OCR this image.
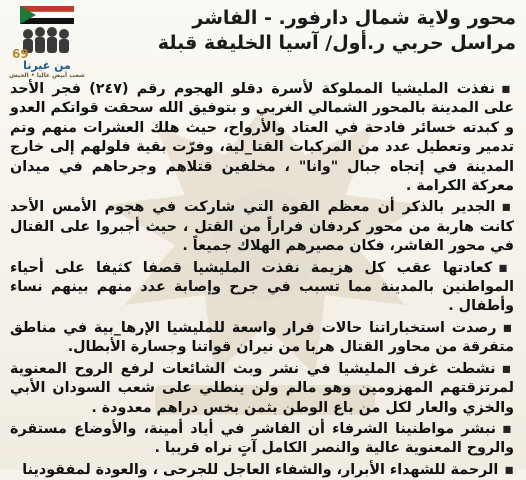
69
من غيرنا
شعب أبيض عاليا • الجيش
محور ولاية شمال دارفور. - الفاشر
مراسل حربي ر.أول/ آسيا الخليفة قبلة

▪نفذت المليشيا المملوكة لأسرة دقلو الهجوم رقم (٢٤٧) فجر الأحد على المدينة بالمحور الشمالي الغربي و بتوفيق الله سحقت قواتكم العدو و كبدته خسائر فادحة في العتاد والأرواح، حيث هلك العشرات منهم وتم تدمير وتعطيل عدد من المركبات القتا_لية، وفرّت بقية فلولهم إلى خارج المدينة في إتجاه جبال "وانا" ، مخلفين قتلاهم وجرحاهم في ميدان معركة الكرامة .

▪الجدير بالذكر أن معظم القوة التي شاركت في هجوم الأمس الأحد كانت هاربة من محور كردفان فراراً من القتل ، حيث أجبروا على القتال في محور الفاشر، فكان مصيرهم الهلاك جميعاً .

▪كعادتها عقب كل هزيمة نفذت المليشيا قصفا كثيفا على أحياء المواطنين بالمدينة مما تسبب في جرح وإصابة عدد منهم بينهم نساء وأطفال .

▪رصدت استخباراتنا حالات فرار واسعة للمليشيا الإرها_بية في مناطق متفرقة من محاور القتال هربا من نيران قواتنا وجسارة الأبطال.

▪نشطت غرف المليشيا في نشر وبث الشائعات لرفع الروح المعنوية لمرتزقتهم المهزومين وهو مالم ولن ينطلي على شعب السودان الأبي والخزي والعار لكل من باع الوطن بثمن بخس دراهم معدودة .

▪نبشر مواطنينا الشرفاء أن الفاشر في أياد أمينة، والأوضاع مستقرة والروح المعنوية عالية والنصر الكامل آتٍ نراه قريبا .

▪الرحمة للشهداء الأبرار، والشفاء العاجل للجرحى ، والعودة لمفقودينا
